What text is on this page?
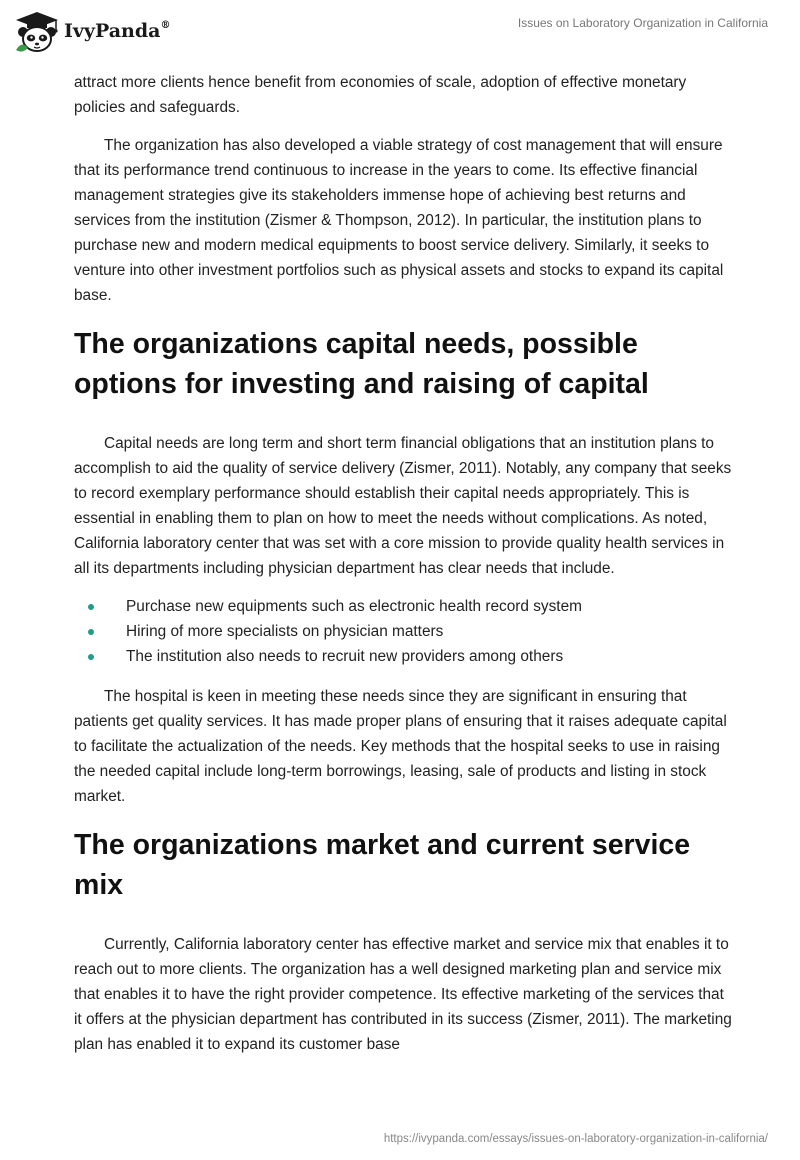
IvyPanda®	Issues on Laboratory Organization in California

attract more clients hence benefit from economies of scale, adoption of effective monetary policies and safeguards.

The organization has also developed a viable strategy of cost management that will ensure that its performance trend continuous to increase in the years to come. Its effective financial management strategies give its stakeholders immense hope of achieving best returns and services from the institution (Zismer & Thompson, 2012). In particular, the institution plans to purchase new and modern medical equipments to boost service delivery. Similarly, it seeks to venture into other investment portfolios such as physical assets and stocks to expand its capital base.

The organizations capital needs, possible options for investing and raising of capital

Capital needs are long term and short term financial obligations that an institution plans to accomplish to aid the quality of service delivery (Zismer, 2011). Notably, any company that seeks to record exemplary performance should establish their capital needs appropriately. This is essential in enabling them to plan on how to meet the needs without complications. As noted, California laboratory center that was set with a core mission to provide quality health services in all its departments including physician department has clear needs that include.

Purchase new equipments such as electronic health record system
Hiring of more specialists on physician matters
The institution also needs to recruit new providers among others

The hospital is keen in meeting these needs since they are significant in ensuring that patients get quality services. It has made proper plans of ensuring that it raises adequate capital to facilitate the actualization of the needs. Key methods that the hospital seeks to use in raising the needed capital include long-term borrowings, leasing, sale of products and listing in stock market.

The organizations market and current service mix

Currently, California laboratory center has effective market and service mix that enables it to reach out to more clients. The organization has a well designed marketing plan and service mix that enables it to have the right provider competence. Its effective marketing of the services that it offers at the physician department has contributed in its success (Zismer, 2011). The marketing plan has enabled it to expand its customer base

https://ivypanda.com/essays/issues-on-laboratory-organization-in-california/
